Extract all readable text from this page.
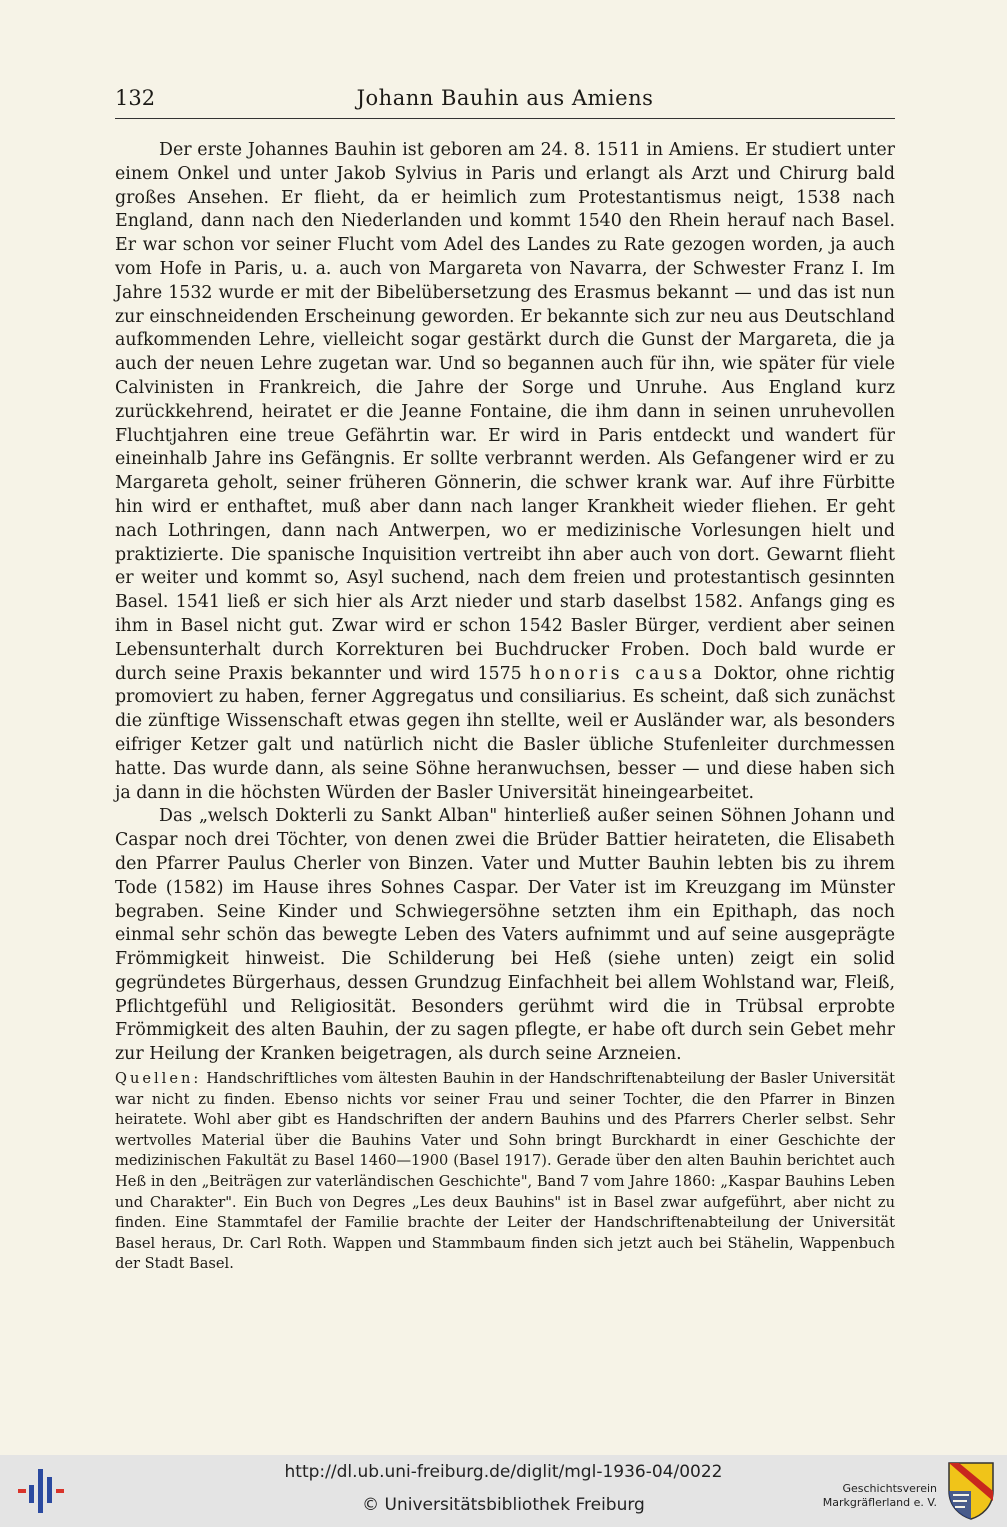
132	Johann Bauhin aus Amiens

Der erste Johannes Bauhin ist geboren am 24. 8. 1511 in Amiens. Er studiert unter einem Onkel und unter Jakob Sylvius in Paris und erlangt als Arzt und Chirurg bald großes Ansehen. Er flieht, da er heimlich zum Protestantismus neigt, 1538 nach England, dann nach den Niederlanden und kommt 1540 den Rhein herauf nach Basel. Er war schon vor seiner Flucht vom Adel des Landes zu Rate gezogen worden, ja auch vom Hofe in Paris, u. a. auch von Margareta von Navarra, der Schwester Franz I. Im Jahre 1532 wurde er mit der Bibelübersetzung des Erasmus bekannt — und das ist nun zur einschneidenden Erscheinung geworden. Er bekannte sich zur neu aus Deutschland aufkommenden Lehre, vielleicht sogar gestärkt durch die Gunst der Margareta, die ja auch der neuen Lehre zugetan war. Und so begannen auch für ihn, wie später für viele Calvinisten in Frankreich, die Jahre der Sorge und Unruhe. Aus England kurz zurückkehrend, heiratet er die Jeanne Fontaine, die ihm dann in seinen unruhevollen Fluchtjahren eine treue Gefährtin war. Er wird in Paris entdeckt und wandert für eineinhalb Jahre ins Gefängnis. Er sollte verbrannt werden. Als Gefangener wird er zu Margareta geholt, seiner früheren Gönnerin, die schwer krank war. Auf ihre Fürbitte hin wird er enthaftet, muß aber dann nach langer Krankheit wieder fliehen. Er geht nach Lothringen, dann nach Antwerpen, wo er medizinische Vorlesungen hielt und praktizierte. Die spanische Inquisition vertreibt ihn aber auch von dort. Gewarnt flieht er weiter und kommt so, Asyl suchend, nach dem freien und protestantisch gesinnten Basel. 1541 ließ er sich hier als Arzt nieder und starb daselbst 1582. Anfangs ging es ihm in Basel nicht gut. Zwar wird er schon 1542 Basler Bürger, verdient aber seinen Lebensunterhalt durch Korrekturen bei Buchdrucker Froben. Doch bald wurde er durch seine Praxis bekannter und wird 1575 honoris causa Doktor, ohne richtig promoviert zu haben, ferner Aggregatus und consiliarius. Es scheint, daß sich zunächst die zünftige Wissenschaft etwas gegen ihn stellte, weil er Ausländer war, als besonders eifriger Ketzer galt und natürlich nicht die Basler übliche Stufenleiter durchmessen hatte. Das wurde dann, als seine Söhne heranwuchsen, besser — und diese haben sich ja dann in die höchsten Würden der Basler Universität hineingearbeitet.

Das „welsch Dokterli zu Sankt Alban" hinterließ außer seinen Söhnen Johann und Caspar noch drei Töchter, von denen zwei die Brüder Battier heirateten, die Elisabeth den Pfarrer Paulus Cherler von Binzen. Vater und Mutter Bauhin lebten bis zu ihrem Tode (1582) im Hause ihres Sohnes Caspar. Der Vater ist im Kreuzgang im Münster begraben. Seine Kinder und Schwiegersöhne setzten ihm ein Epithaph, das noch einmal sehr schön das bewegte Leben des Vaters aufnimmt und auf seine ausgeprägte Frömmigkeit hinweist. Die Schilderung bei Heß (siehe unten) zeigt ein solid gegründetes Bürgerhaus, dessen Grundzug Einfachheit bei allem Wohlstand war, Fleiß, Pflichtgefühl und Religiosität. Besonders gerühmt wird die in Trübsal erprobte Frömmigkeit des alten Bauhin, der zu sagen pflegte, er habe oft durch sein Gebet mehr zur Heilung der Kranken beigetragen, als durch seine Arzneien.

Quellen: Handschriftliches vom ältesten Bauhin in der Handschriftenabteilung der Basler Universität war nicht zu finden. Ebenso nichts vor seiner Frau und seiner Tochter, die den Pfarrer in Binzen heiratete. Wohl aber gibt es Handschriften der andern Bauhins und des Pfarrers Cherler selbst. Sehr wertvolles Material über die Bauhins Vater und Sohn bringt Burckhardt in einer Geschichte der medizinischen Fakultät zu Basel 1460—1900 (Basel 1917). Gerade über den alten Bauhin berichtet auch Heß in den „Beiträgen zur vaterländischen Geschichte", Band 7 vom Jahre 1860: „Kaspar Bauhins Leben und Charakter". Ein Buch von Degres „Les deux Bauhins" ist in Basel zwar aufgeführt, aber nicht zu finden. Eine Stammtafel der Familie brachte der Leiter der Handschriftenabteilung der Universität Basel heraus, Dr. Carl Roth. Wappen und Stammbaum finden sich jetzt auch bei Stähelin, Wappenbuch der Stadt Basel.

http://dl.ub.uni-freiburg.de/diglit/mgl-1936-04/0022
© Universitätsbibliothek Freiburg
Geschichtsverein
Markgräflerland e. V.
